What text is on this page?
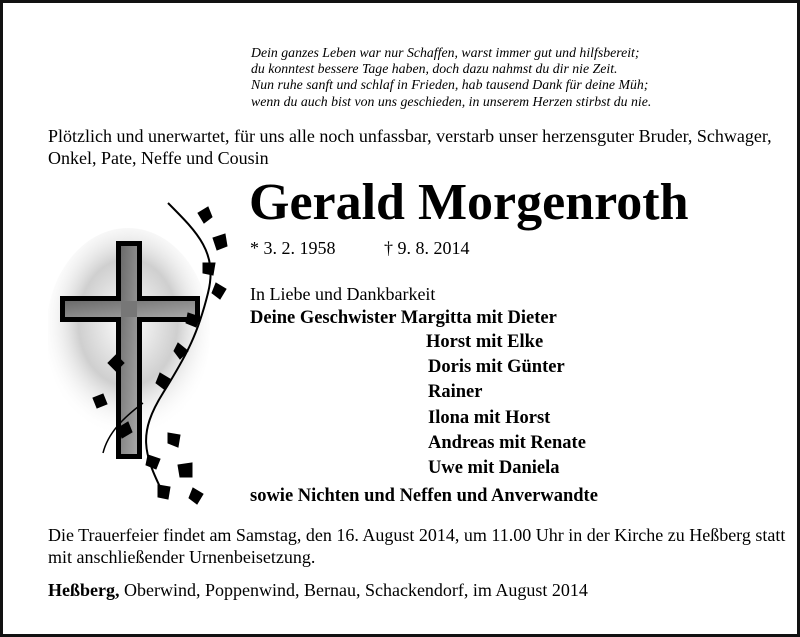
Dein ganzes Leben war nur Schaffen, warst immer gut und hilfsbereit;
du konntest bessere Tage haben, doch dazu nahmst du dir nie Zeit.
Nun ruhe sanft und schlaf in Frieden, hab tausend Dank für deine Müh;
wenn du auch bist von uns geschieden, in unserem Herzen stirbst du nie.
Plötzlich und unerwartet, für uns alle noch unfassbar, verstarb unser herzensguter Bruder, Schwager, Onkel, Pate, Neffe und Cousin
Gerald Morgenroth
* 3. 2. 1958	† 9. 8. 2014
In Liebe und Dankbarkeit
Deine Geschwister Margitta mit Dieter
Horst mit Elke
Doris mit Günter
Rainer
Ilona mit Horst
Andreas mit Renate
Uwe mit Daniela
sowie Nichten und Neffen und Anverwandte
Die Trauerfeier findet am Samstag, den 16. August 2014, um 11.00 Uhr in der Kirche zu Heßberg statt mit anschließender Urnenbeisetzung.
Heßberg, Oberwind, Poppenwind, Bernau, Schackendorf, im August 2014
